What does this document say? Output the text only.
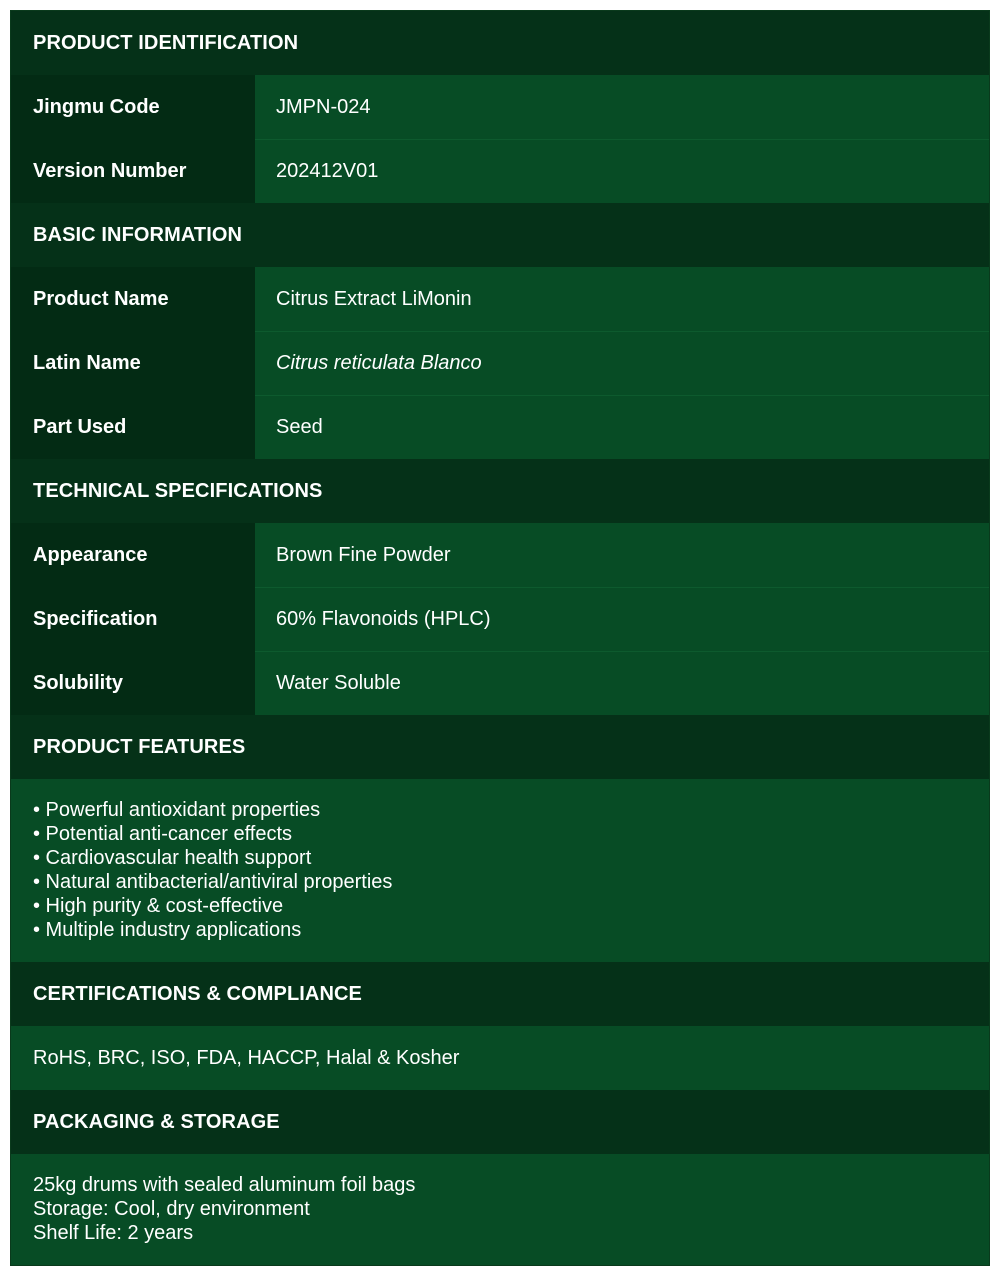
PRODUCT IDENTIFICATION
Jingmu Code	JMPN-024
Version Number	202412V01
BASIC INFORMATION
Product Name	Citrus Extract LiMonin
Latin Name	Citrus reticulata Blanco
Part Used	Seed
TECHNICAL SPECIFICATIONS
Appearance	Brown Fine Powder
Specification	60% Flavonoids (HPLC)
Solubility	Water Soluble
PRODUCT FEATURES
• Powerful antioxidant properties
• Potential anti-cancer effects
• Cardiovascular health support
• Natural antibacterial/antiviral properties
• High purity & cost-effective
• Multiple industry applications
CERTIFICATIONS & COMPLIANCE
RoHS, BRC, ISO, FDA, HACCP, Halal & Kosher
PACKAGING & STORAGE
25kg drums with sealed aluminum foil bags
Storage: Cool, dry environment
Shelf Life: 2 years
